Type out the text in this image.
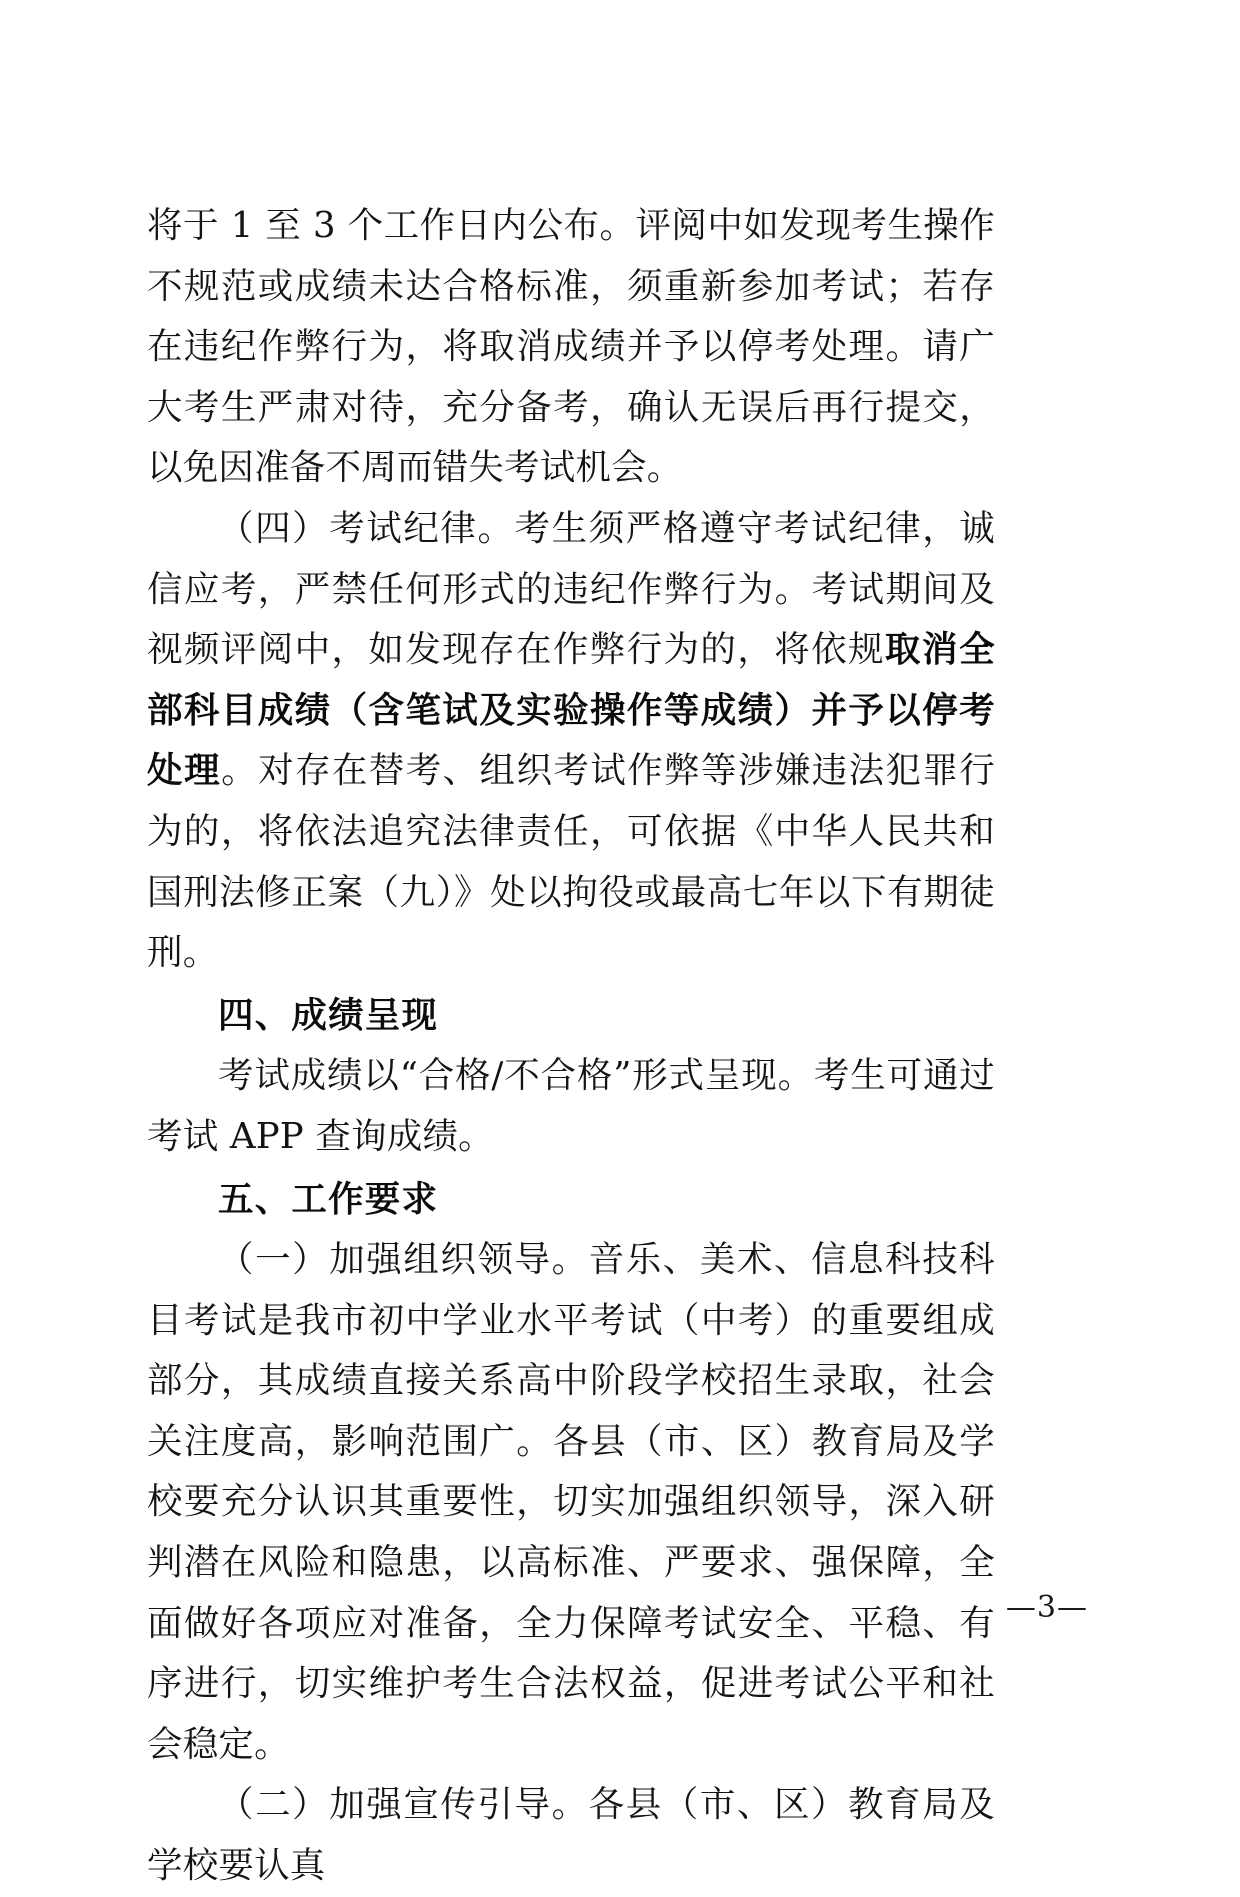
将于 1 至 3 个工作日内公布。评阅中如发现考生操作不规范或成绩未达合格标准，须重新参加考试；若存在违纪作弊行为，将取消成绩并予以停考处理。请广大考生严肃对待，充分备考，确认无误后再行提交，以免因准备不周而错失考试机会。

（四）考试纪律。考生须严格遵守考试纪律，诚信应考，严禁任何形式的违纪作弊行为。考试期间及视频评阅中，如发现存在作弊行为的，将依规取消全部科目成绩（含笔试及实验操作等成绩）并予以停考处理。对存在替考、组织考试作弊等涉嫌违法犯罪行为的，将依法追究法律责任，可依据《中华人民共和国刑法修正案（九）》处以拘役或最高七年以下有期徒刑。

四、成绩呈现

考试成绩以“合格/不合格”形式呈现。考生可通过考试 APP 查询成绩。

五、工作要求

（一）加强组织领导。音乐、美术、信息科技科目考试是我市初中学业水平考试（中考）的重要组成部分，其成绩直接关系高中阶段学校招生录取，社会关注度高，影响范围广。各县（市、区）教育局及学校要充分认识其重要性，切实加强组织领导，深入研判潜在风险和隐患，以高标准、严要求、强保障，全面做好各项应对准备，全力保障考试安全、平稳、有序进行，切实维护考生合法权益，促进考试公平和社会稳定。

（二）加强宣传引导。各县（市、区）教育局及学校要认真

—3—
